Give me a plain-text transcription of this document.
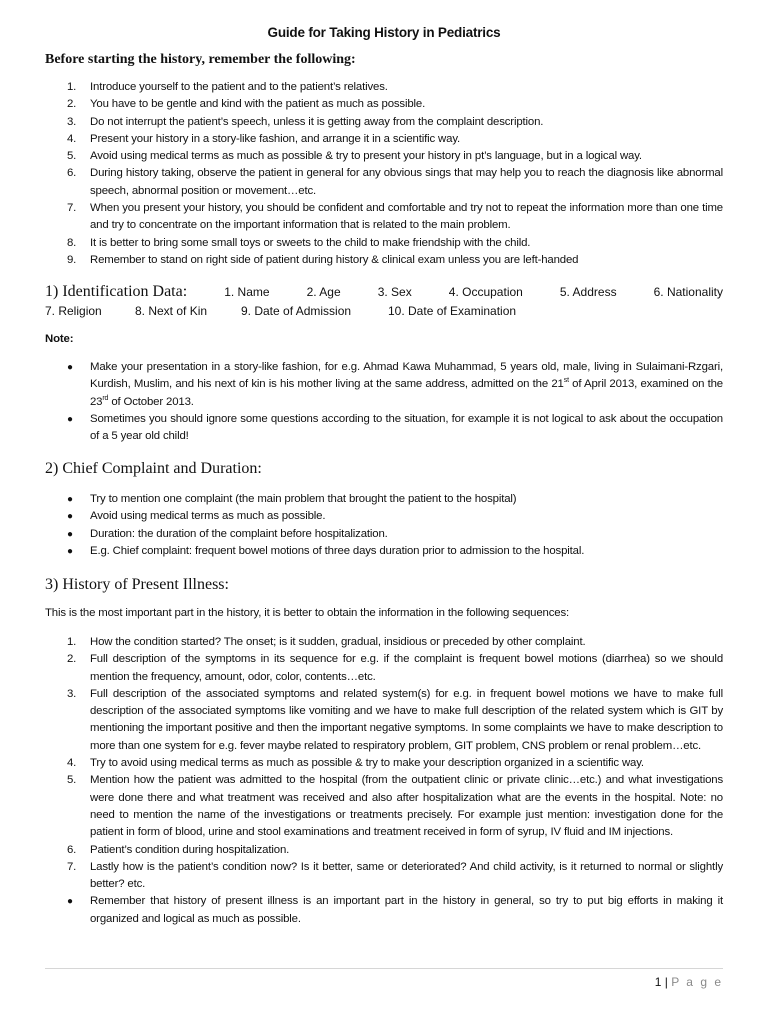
Guide for Taking History in Pediatrics
Before starting the history, remember the following:
1. Introduce yourself to the patient and to the patient’s relatives.
2. You have to be gentle and kind with the patient as much as possible.
3. Do not interrupt the patient’s speech, unless it is getting away from the complaint description.
4. Present your history in a story-like fashion, and arrange it in a scientific way.
5. Avoid using medical terms as much as possible & try to present your history in pt’s language, but in a logical way.
6. During history taking, observe the patient in general for any obvious sings that may help you to reach the diagnosis like abnormal speech, abnormal position or movement…etc.
7. When you present your history, you should be confident and comfortable and try not to repeat the information more than one time and try to concentrate on the important information that is related to the main problem.
8. It is better to bring some small toys or sweets to the child to make friendship with the child.
9. Remember to stand on right side of patient during history & clinical exam unless you are left-handed
1) Identification Data:	1. Name	2. Age	3. Sex	4. Occupation	5. Address	6. Nationality
7. Religion	8. Next of Kin	9. Date of Admission	10. Date of Examination
Note:
● Make your presentation in a story-like fashion, for e.g. Ahmad Kawa Muhammad, 5 years old, male, living in Sulaimani-Rzgari, Kurdish, Muslim, and his next of kin is his mother living at the same address, admitted on the 21st of April 2013, examined on the 23rd of October 2013.
● Sometimes you should ignore some questions according to the situation, for example it is not logical to ask about the occupation of a 5 year old child!
2) Chief Complaint and Duration:
● Try to mention one complaint (the main problem that brought the patient to the hospital)
● Avoid using medical terms as much as possible.
● Duration: the duration of the complaint before hospitalization.
● E.g. Chief complaint: frequent bowel motions of three days duration prior to admission to the hospital.
3) History of Present Illness:
This is the most important part in the history, it is better to obtain the information in the following sequences:
1. How the condition started? The onset; is it sudden, gradual, insidious or preceded by other complaint.
2. Full description of the symptoms in its sequence for e.g. if the complaint is frequent bowel motions (diarrhea) so we should mention the frequency, amount, odor, color, contents…etc.
3. Full description of the associated symptoms and related system(s) for e.g. in frequent bowel motions we have to make full description of the associated symptoms like vomiting and we have to make full description of the related system which is GIT by mentioning the important positive and then the important negative symptoms. In some complaints we have to make description to more than one system for e.g. fever maybe related to respiratory problem, GIT problem, CNS problem or renal problem…etc.
4. Try to avoid using medical terms as much as possible & try to make your description organized in a scientific way.
5. Mention how the patient was admitted to the hospital (from the outpatient clinic or private clinic…etc.) and what investigations were done there and what treatment was received and also after hospitalization what are the events in the hospital. Note: no need to mention the name of the investigations or treatments precisely. For example just mention: investigation done for the patient in form of blood, urine and stool examinations and treatment received in form of syrup, IV fluid and IM injections.
6. Patient’s condition during hospitalization.
7. Lastly how is the patient’s condition now? Is it better, same or deteriorated? And child activity, is it returned to normal or slightly better? etc.
● Remember that history of present illness is an important part in the history in general, so try to put big efforts in making it organized and logical as much as possible.
1 | P a g e
